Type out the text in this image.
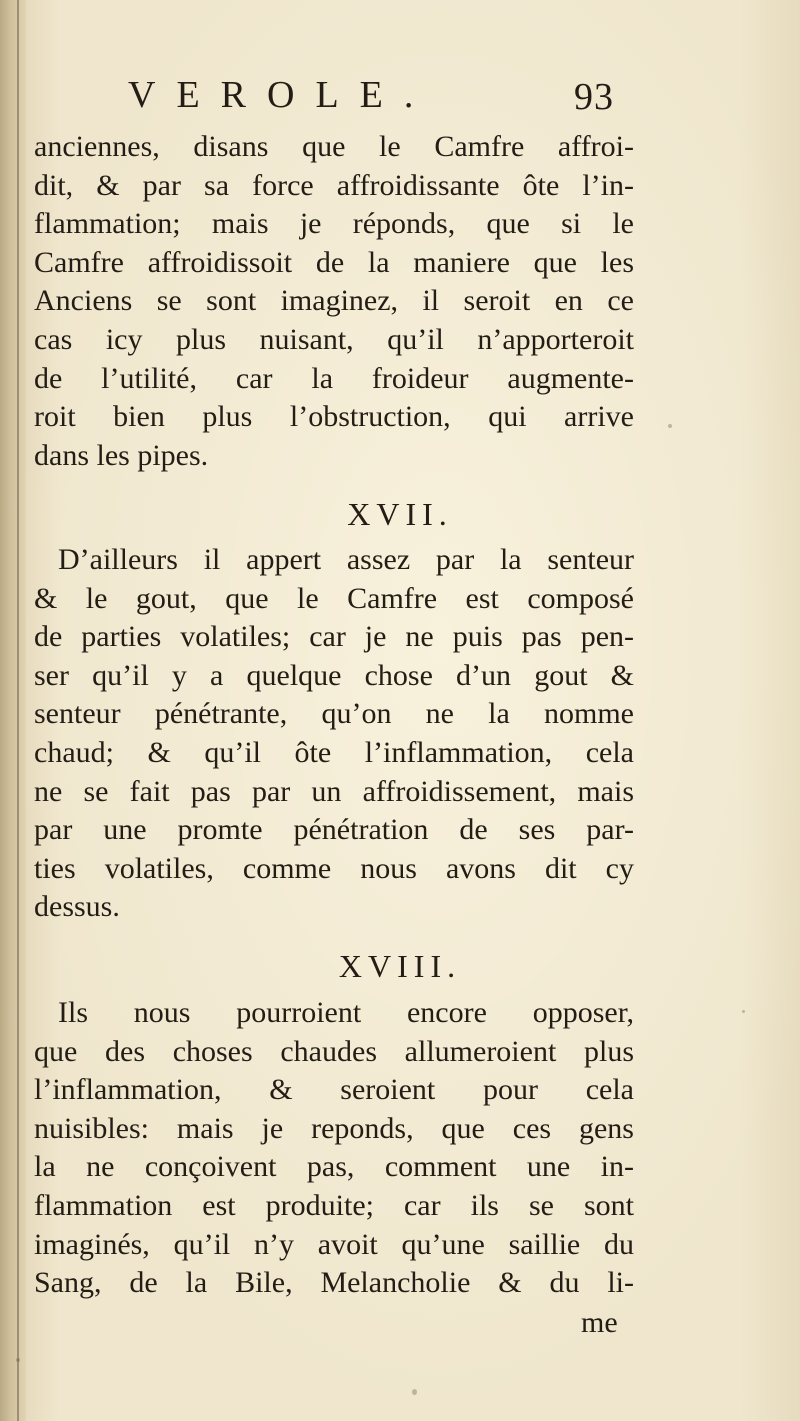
VEROLE.	93
anciennes, disans que le Camfre affroi-
dit, & par sa force affroidissante ôte l’in-
flammation; mais je réponds, que si le
Camfre affroidissoit de la maniere que les
Anciens se sont imaginez, il seroit en ce
cas icy plus nuisant, qu’il n’apporteroit
de l’utilité, car la froideur augmente-
roit bien plus l’obstruction, qui arrive
dans les pipes.
XVII.
D’ailleurs il appert assez par la senteur
& le gout, que le Camfre est composé
de parties volatiles; car je ne puis pas pen-
ser qu’il y a quelque chose d’un gout &
senteur pénétrante, qu’on ne la nomme
chaud; & qu’il ôte l’inflammation, cela
ne se fait pas par un affroidissement, mais
par une promte pénétration de ses par-
ties volatiles, comme nous avons dit cy
dessus.
XVIII.
Ils nous pourroient encore opposer,
que des choses chaudes allumeroient plus
l’inflammation, & seroient pour cela
nuisibles: mais je reponds, que ces gens
la ne conçoivent pas, comment une in-
flammation est produite; car ils se sont
imaginés, qu’il n’y avoit qu’une saillie du
Sang, de la Bile, Melancholie & du li-
me
